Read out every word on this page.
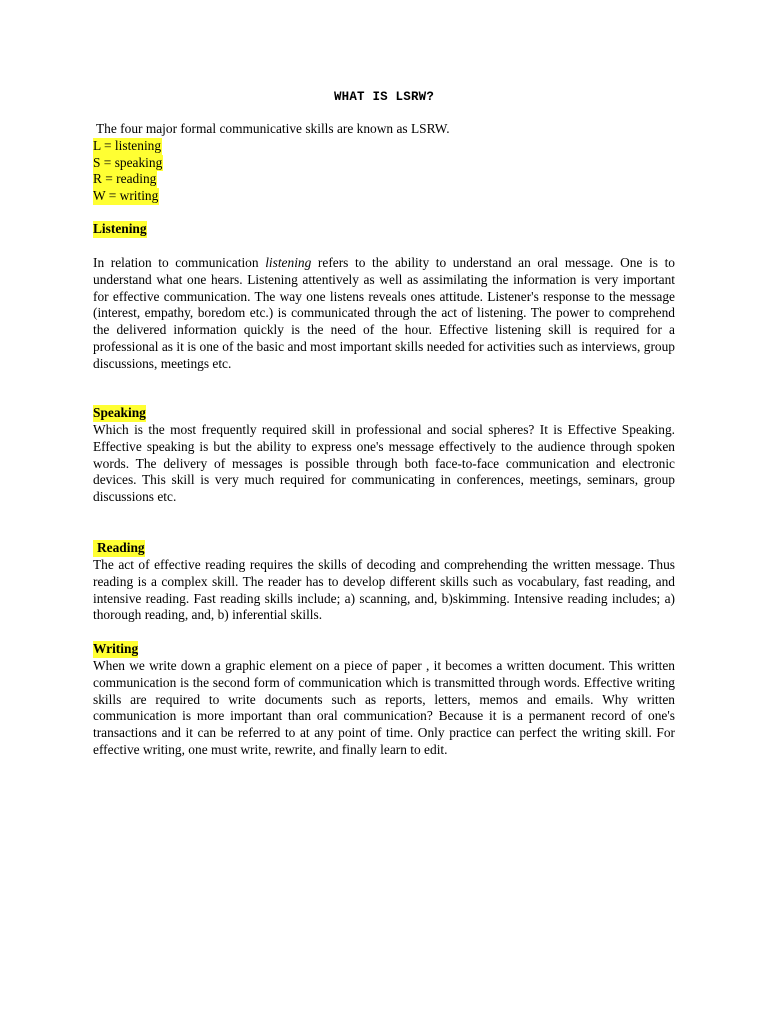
WHAT IS LSRW?
The four major formal communicative skills are known as LSRW.
L = listening
S = speaking
R = reading
W = writing
Listening
In relation to communication listening refers to the ability to understand an oral message. One is to understand what one hears. Listening attentively as well as assimilating the information is very important for effective communication. The way one listens reveals ones attitude. Listener's response to the message (interest, empathy, boredom etc.) is communicated through the act of listening. The power to comprehend the delivered information quickly is the need of the hour. Effective listening skill is required for a professional as it is one of the basic and most important skills needed for activities such as interviews, group discussions, meetings etc.
Speaking
Which is the most frequently required skill in professional and social spheres? It is Effective Speaking. Effective speaking is but the ability to express one's message effectively to the audience through spoken words. The delivery of messages is possible through both face-to-face communication and electronic devices. This skill is very much required for communicating in conferences, meetings, seminars, group discussions etc.
Reading
The act of effective reading requires the skills of decoding and comprehending the written message. Thus reading is a complex skill. The reader has to develop different skills such as vocabulary, fast reading, and intensive reading. Fast reading skills include; a) scanning, and, b)skimming. Intensive reading includes; a) thorough reading, and, b) inferential skills.
Writing
When we write down a graphic element on a piece of paper , it becomes a written document. This written communication is the second form of communication which is transmitted through words. Effective writing skills are required to write documents such as reports, letters, memos and emails. Why written communication is more important than oral communication? Because it is a permanent record of one's transactions and it can be referred to at any point of time. Only practice can perfect the writing skill. For effective writing, one must write, rewrite, and finally learn to edit.
